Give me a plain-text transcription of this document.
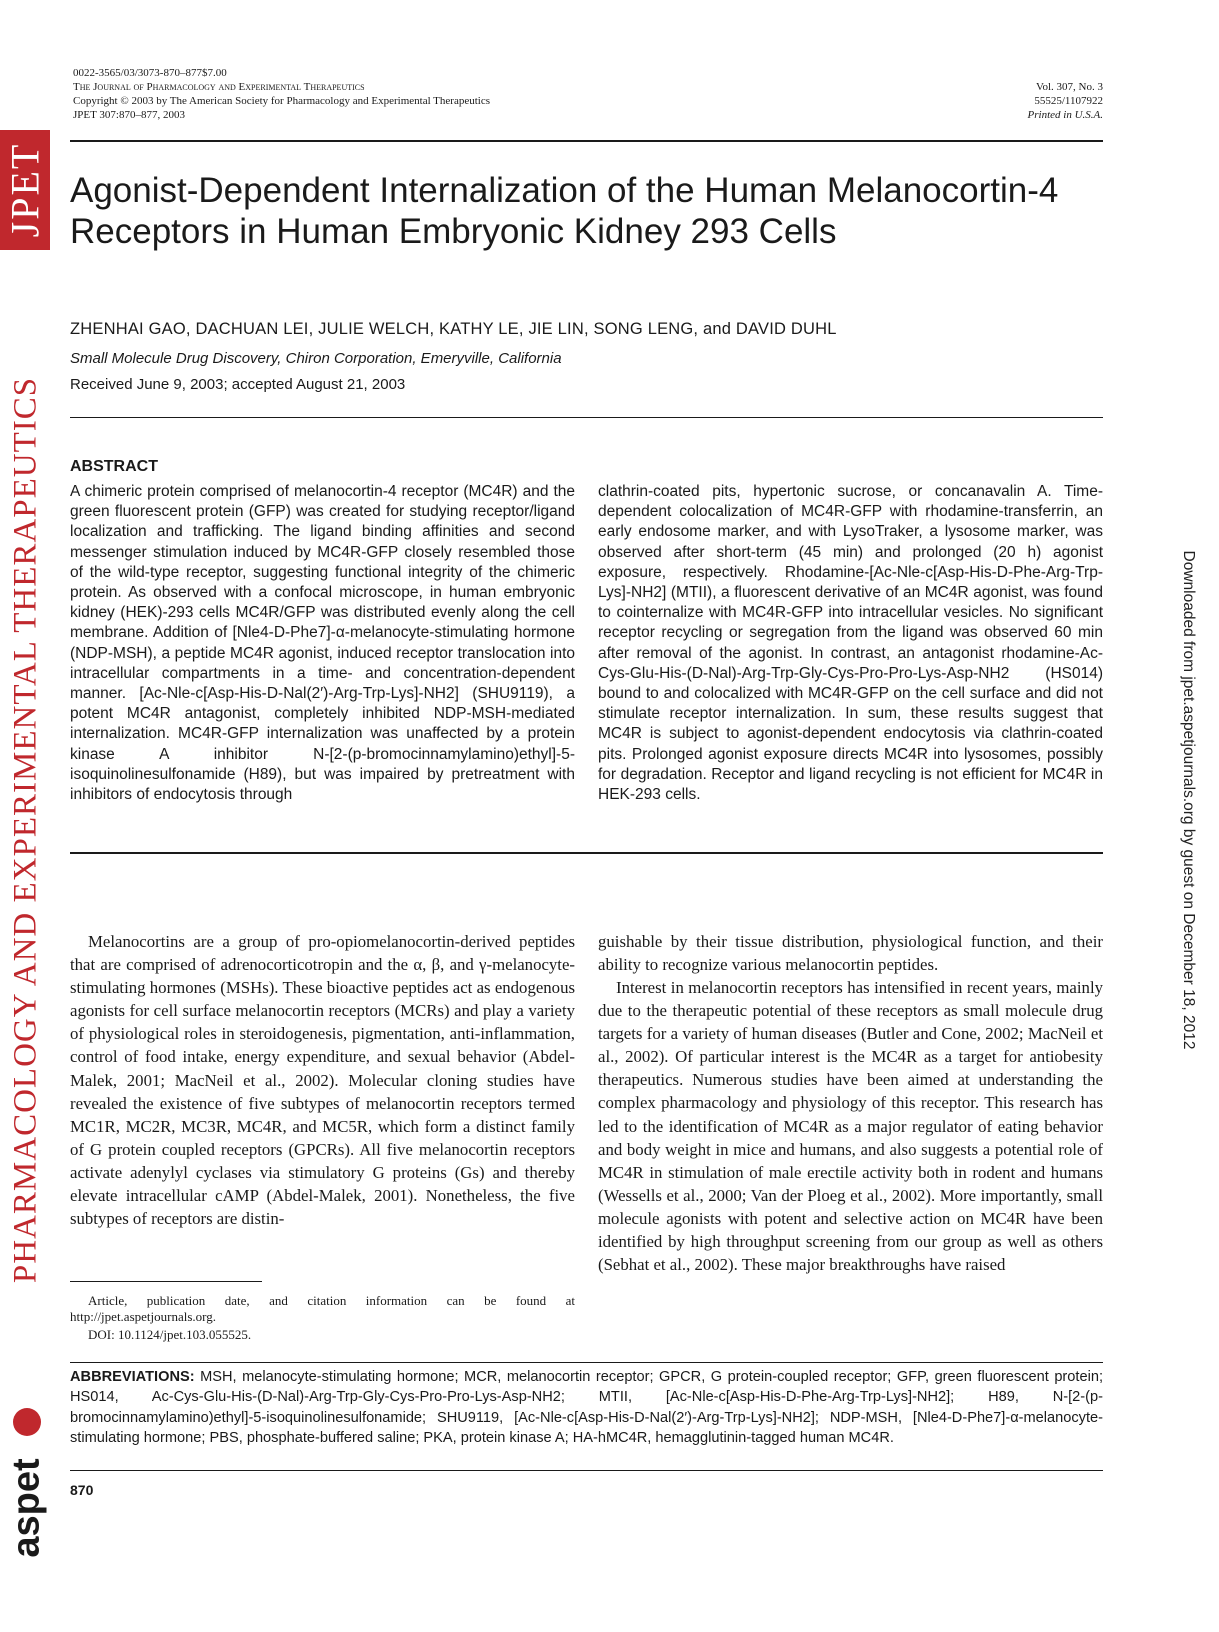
JPET
PHARMACOLOGY AND EXPERIMENTAL THERAPEUTICS
aspet
Downloaded from jpet.aspetjournals.org by guest on December 18, 2012
0022-3565/03/3073-870–877$7.00
The Journal of Pharmacology and Experimental Therapeutics
Copyright © 2003 by The American Society for Pharmacology and Experimental Therapeutics
JPET 307:870–877, 2003
Vol. 307, No. 3
55525/1107922
Printed in U.S.A.
Agonist-Dependent Internalization of the Human Melanocortin-4 Receptors in Human Embryonic Kidney 293 Cells
ZHENHAI GAO, DACHUAN LEI, JULIE WELCH, KATHY LE, JIE LIN, SONG LENG, and DAVID DUHL
Small Molecule Drug Discovery, Chiron Corporation, Emeryville, California
Received June 9, 2003; accepted August 21, 2003
ABSTRACT

A chimeric protein comprised of melanocortin-4 receptor (MC4R) and the green fluorescent protein (GFP) was created for studying receptor/ligand localization and trafficking. The ligand binding affinities and second messenger stimulation induced by MC4R-GFP closely resembled those of the wild-type receptor, suggesting functional integrity of the chimeric protein. As observed with a confocal microscope, in human embryonic kidney (HEK)-293 cells MC4R/GFP was distributed evenly along the cell membrane. Addition of [Nle4-D-Phe7]-α-melanocyte-stimulating hormone (NDP-MSH), a peptide MC4R agonist, induced receptor translocation into intracellular compartments in a time- and concentration-dependent manner. [Ac-Nle-c[Asp-His-D-Nal(2′)-Arg-Trp-Lys]-NH2] (SHU9119), a potent MC4R antagonist, completely inhibited NDP-MSH-mediated internalization. MC4R-GFP internalization was unaffected by a protein kinase A inhibitor N-[2-(p-bromocinnamylamino)ethyl]-5-isoquinolinesulfonamide (H89), but was impaired by pretreatment with inhibitors of endocytosis through

clathrin-coated pits, hypertonic sucrose, or concanavalin A. Time-dependent colocalization of MC4R-GFP with rhodamine-transferrin, an early endosome marker, and with LysoTraker, a lysosome marker, was observed after short-term (45 min) and prolonged (20 h) agonist exposure, respectively. Rhodamine-[Ac-Nle-c[Asp-His-D-Phe-Arg-Trp-Lys]-NH2] (MTII), a fluorescent derivative of an MC4R agonist, was found to cointernalize with MC4R-GFP into intracellular vesicles. No significant receptor recycling or segregation from the ligand was observed 60 min after removal of the agonist. In contrast, an antagonist rhodamine-Ac-Cys-Glu-His-(D-Nal)-Arg-Trp-Gly-Cys-Pro-Pro-Lys-Asp-NH2 (HS014) bound to and colocalized with MC4R-GFP on the cell surface and did not stimulate receptor internalization. In sum, these results suggest that MC4R is subject to agonist-dependent endocytosis via clathrin-coated pits. Prolonged agonist exposure directs MC4R into lysosomes, possibly for degradation. Receptor and ligand recycling is not efficient for MC4R in HEK-293 cells.

Melanocortins are a group of pro-opiomelanocortin-derived peptides that are comprised of adrenocorticotropin and the α, β, and γ-melanocyte-stimulating hormones (MSHs). These bioactive peptides act as endogenous agonists for cell surface melanocortin receptors (MCRs) and play a variety of physiological roles in steroidogenesis, pigmentation, anti-inflammation, control of food intake, energy expenditure, and sexual behavior (Abdel-Malek, 2001; MacNeil et al., 2002). Molecular cloning studies have revealed the existence of five subtypes of melanocortin receptors termed MC1R, MC2R, MC3R, MC4R, and MC5R, which form a distinct family of G protein coupled receptors (GPCRs). All five melanocortin receptors activate adenylyl cyclases via stimulatory G proteins (Gs) and thereby elevate intracellular cAMP (Abdel-Malek, 2001). Nonetheless, the five subtypes of receptors are distin-

guishable by their tissue distribution, physiological function, and their ability to recognize various melanocortin peptides.

Interest in melanocortin receptors has intensified in recent years, mainly due to the therapeutic potential of these receptors as small molecule drug targets for a variety of human diseases (Butler and Cone, 2002; MacNeil et al., 2002). Of particular interest is the MC4R as a target for antiobesity therapeutics. Numerous studies have been aimed at understanding the complex pharmacology and physiology of this receptor. This research has led to the identification of MC4R as a major regulator of eating behavior and body weight in mice and humans, and also suggests a potential role of MC4R in stimulation of male erectile activity both in rodent and humans (Wessells et al., 2000; Van der Ploeg et al., 2002). More importantly, small molecule agonists with potent and selective action on MC4R have been identified by high throughput screening from our group as well as others (Sebhat et al., 2002). These major breakthroughs have raised

Article, publication date, and citation information can be found at http://jpet.aspetjournals.org.
DOI: 10.1124/jpet.103.055525.

ABBREVIATIONS: MSH, melanocyte-stimulating hormone; MCR, melanocortin receptor; GPCR, G protein-coupled receptor; GFP, green fluorescent protein; HS014, Ac-Cys-Glu-His-(D-Nal)-Arg-Trp-Gly-Cys-Pro-Pro-Lys-Asp-NH2; MTII, [Ac-Nle-c[Asp-His-D-Phe-Arg-Trp-Lys]-NH2]; H89, N-[2-(p-bromocinnamylamino)ethyl]-5-isoquinolinesulfonamide; SHU9119, [Ac-Nle-c[Asp-His-D-Nal(2′)-Arg-Trp-Lys]-NH2]; NDP-MSH, [Nle4-D-Phe7]-α-melanocyte-stimulating hormone; PBS, phosphate-buffered saline; PKA, protein kinase A; HA-hMC4R, hemagglutinin-tagged human MC4R.

870
